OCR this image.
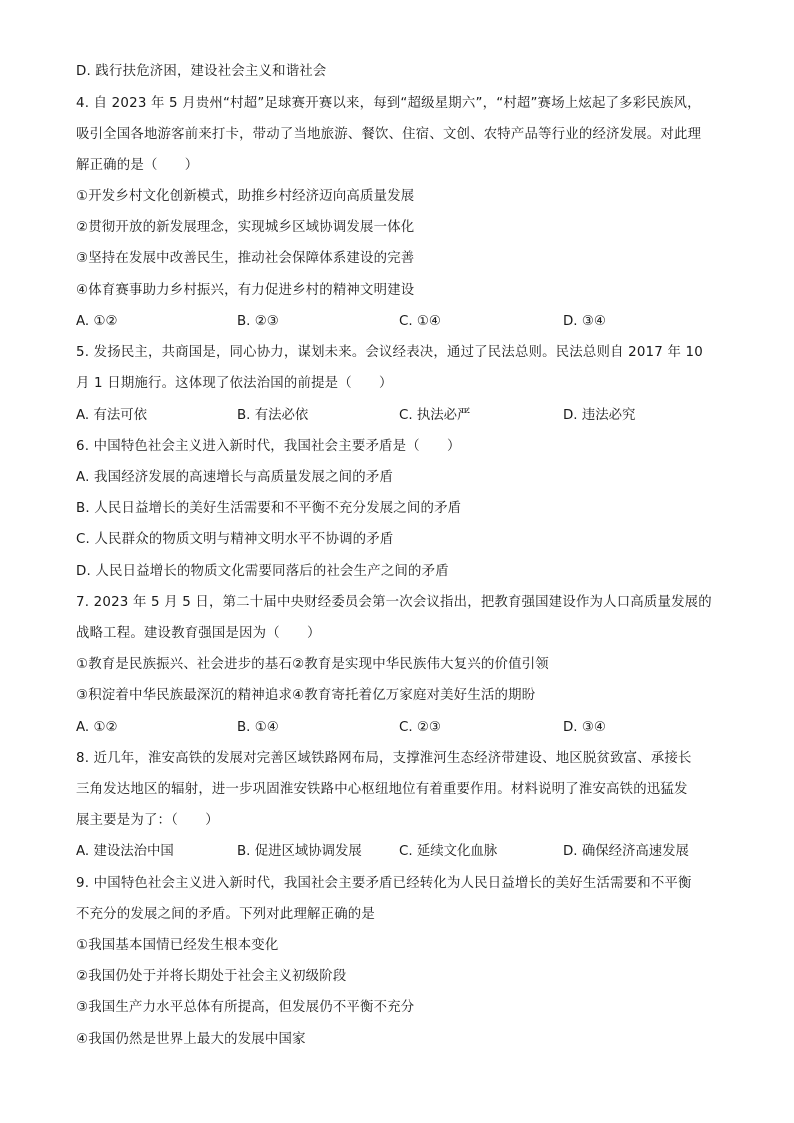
D. 践行扶危济困，建设社会主义和谐社会
4. 自 2023 年 5 月贵州“村超”足球赛开赛以来，每到“超级星期六”，“村超”赛场上炫起了多彩民族风，
吸引全国各地游客前来打卡，带动了当地旅游、餐饮、住宿、文创、农特产品等行业的经济发展。对此理
解正确的是（　　）
①开发乡村文化创新模式，助推乡村经济迈向高质量发展
②贯彻开放的新发展理念，实现城乡区域协调发展一体化
③坚持在发展中改善民生，推动社会保障体系建设的完善
④体育赛事助力乡村振兴，有力促进乡村的精神文明建设
A. ①②	B. ②③	C. ①④	D. ③④
5. 发扬民主，共商国是，同心协力，谋划未来。会议经表决，通过了民法总则。民法总则自 2017 年 10
月 1 日期施行。这体现了依法治国的前提是（　　）
A. 有法可依	B. 有法必依	C. 执法必严	D. 违法必究
6. 中国特色社会主义进入新时代，我国社会主要矛盾是（　　）
A. 我国经济发展的高速增长与高质量发展之间的矛盾
B. 人民日益增长的美好生活需要和不平衡不充分发展之间的矛盾
C. 人民群众的物质文明与精神文明水平不协调的矛盾
D. 人民日益增长的物质文化需要同落后的社会生产之间的矛盾
7. 2023 年 5 月 5 日，第二十届中央财经委员会第一次会议指出，把教育强国建设作为人口高质量发展的
战略工程。建设教育强国是因为（　　）
①教育是民族振兴、社会进步的基石②教育是实现中华民族伟大复兴的价值引领
③积淀着中华民族最深沉的精神追求④教育寄托着亿万家庭对美好生活的期盼
A. ①②	B. ①④	C. ②③	D. ③④
8. 近几年，淮安高铁的发展对完善区域铁路网布局，支撑淮河生态经济带建设、地区脱贫致富、承接长
三角发达地区的辐射，进一步巩固淮安铁路中心枢纽地位有着重要作用。材料说明了淮安高铁的迅猛发
展主要是为了：（　　）
A. 建设法治中国	B. 促进区域协调发展	C. 延续文化血脉	D. 确保经济高速发展
9. 中国特色社会主义进入新时代，我国社会主要矛盾已经转化为人民日益增长的美好生活需要和不平衡
不充分的发展之间的矛盾。下列对此理解正确的是
①我国基本国情已经发生根本变化
②我国仍处于并将长期处于社会主义初级阶段
③我国生产力水平总体有所提高，但发展仍不平衡不充分
④我国仍然是世界上最大的发展中国家
